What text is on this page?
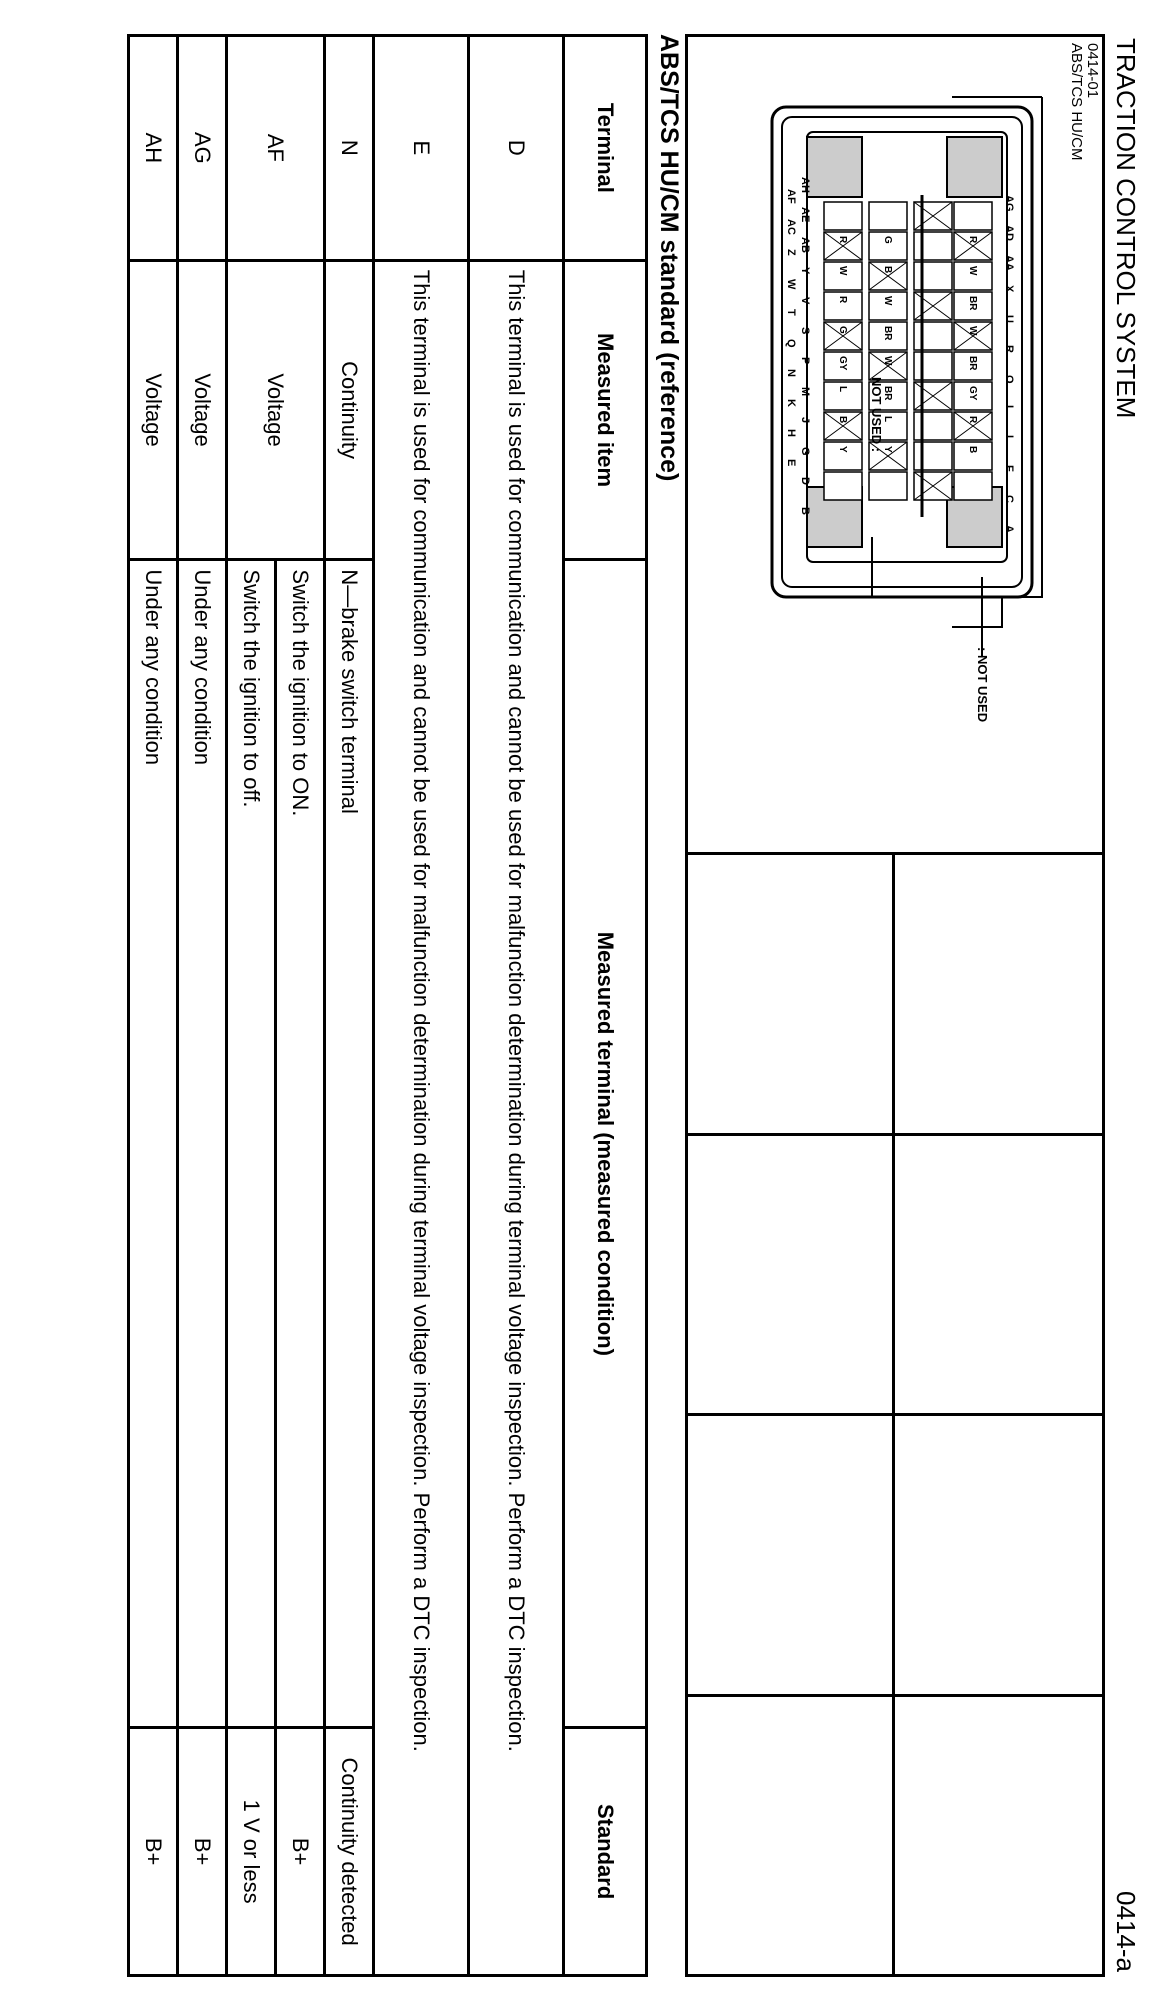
TRACTION CONTROL SYSTEM
0414-a
0414-01
ABS/TCS HU/CM
R
W
BR
W
BR
GY
R
B
G
B
W
BR
W
BR
L
Y
R
W
R
G
GY
L
B
Y
AG
AD
AA
X
U
R
O
L
I
F
C
A
AH
AE
AB
Y
V
S
P
M
J
G
D
B
AF
AC
Z
W
T
Q
N
K
H
E
: NOT USED
NOT USED :
ABS/TCS HU/CM standard (reference)
Terminal	Measured item	Measured terminal (measured condition)	Standard
D	This terminal is used for communication and cannot be used for malfunction determination during terminal voltage inspection. Perform a DTC inspection.		
E	This terminal is used for communication and cannot be used for malfunction determination during terminal voltage inspection. Perform a DTC inspection.		
N	Continuity	N—brake switch terminal	Continuity detected
AF	Voltage	Switch the ignition to ON.	B+
		Switch the ignition to off.	1 V or less
AG	Voltage	Under any condition	B+
AH	Voltage	Under any condition	B+
